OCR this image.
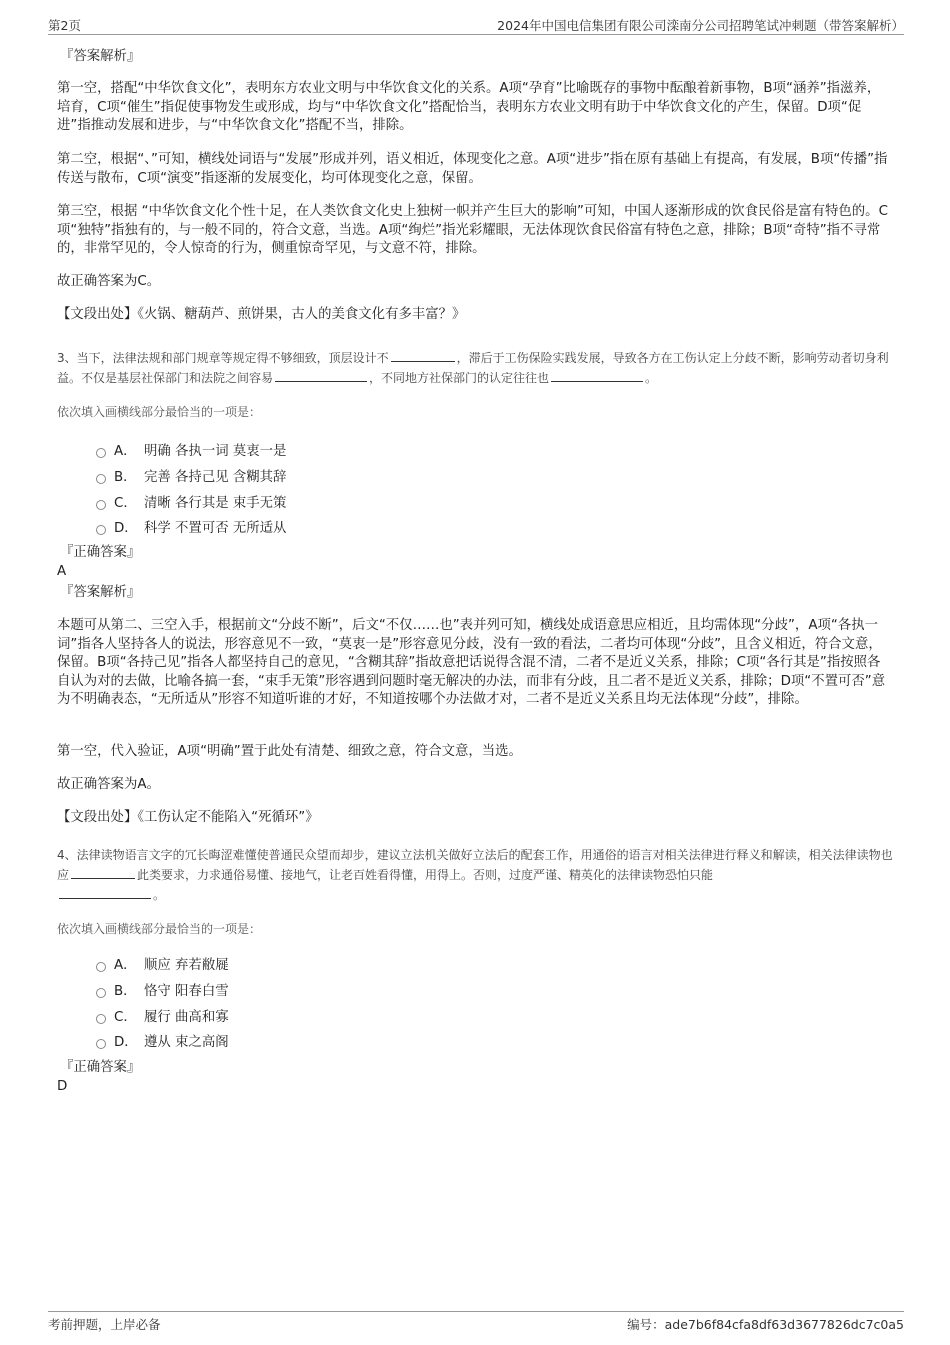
第2页	2024年中国电信集团有限公司滦南分公司招聘笔试冲刺题（带答案解析）
『答案解析』

第一空，搭配“中华饮食文化”，表明东方农业文明与中华饮食文化的关系。A项“孕育”比喻既存的事物中酝酿着新事物，B项“涵养”指滋养，培育，C项“催生”指促使事物发生或形成，均与“中华饮食文化”搭配恰当，表明东方农业文明有助于中华饮食文化的产生，保留。D项“促进”指推动发展和进步，与“中华饮食文化”搭配不当，排除。

第二空，根据“、”可知，横线处词语与“发展”形成并列，语义相近，体现变化之意。A项“进步”指在原有基础上有提高，有发展，B项“传播”指传送与散布，C项“演变”指逐渐的发展变化，均可体现变化之意，保留。

第三空，根据 “中华饮食文化个性十足，在人类饮食文化史上独树一帜并产生巨大的影响”可知，中国人逐渐形成的饮食民俗是富有特色的。C项“独特”指独有的，与一般不同的，符合文意，当选。A项“绚烂”指光彩耀眼，无法体现饮食民俗富有特色之意，排除；B项“奇特”指不寻常的，非常罕见的，令人惊奇的行为，侧重惊奇罕见，与文意不符，排除。

故正确答案为C。

【文段出处】《火锅、糖葫芦、煎饼果，古人的美食文化有多丰富？》

3、当下，法律法规和部门规章等规定得不够细致，顶层设计不	，滞后于工伤保险实践发展，导致各方在工伤认定上分歧不断，影响劳动者切身利益。不仅是基层社保部门和法院之间容易	，不同地方社保部门的认定往往也	。
依次填入画横线部分最恰当的一项是：
A． 明确 各执一词 莫衷一是
B． 完善 各持己见 含糊其辞
C． 清晰 各行其是 束手无策
D． 科学 不置可否 无所适从
『正确答案』
A
『答案解析』

本题可从第二、三空入手，根据前文“分歧不断”，后文“不仅……也”表并列可知，横线处成语意思应相近，且均需体现“分歧”，A项“各执一词”指各人坚持各人的说法，形容意见不一致，“莫衷一是”形容意见分歧，没有一致的看法，二者均可体现“分歧”，且含义相近，符合文意，保留。B项“各持己见”指各人都坚持自己的意见，“含糊其辞”指故意把话说得含混不清，二者不是近义关系，排除；C项“各行其是”指按照各自认为对的去做，比喻各搞一套，“束手无策”形容遇到问题时毫无解决的办法，而非有分歧，且二者不是近义关系，排除；D项“不置可否”意为不明确表态，“无所适从”形容不知道听谁的才好，不知道按哪个办法做才对，二者不是近义关系且均无法体现“分歧”，排除。

第一空，代入验证，A项“明确”置于此处有清楚、细致之意，符合文意，当选。

故正确答案为A。

【文段出处】《工伤认定不能陷入“死循环”》

4、法律读物语言文字的冗长晦涩难懂使普通民众望而却步，建议立法机关做好立法后的配套工作，用通俗的语言对相关法律进行释义和解读，相关法律读物也应	此类要求，力求通俗易懂、接地气，让老百姓看得懂，用得上。否则，过度严谨、精英化的法律读物恐怕只能
。
依次填入画横线部分最恰当的一项是：
A． 顺应 弃若敝屣
B． 恪守 阳春白雪
C． 履行 曲高和寡
D． 遵从 束之高阁
『正确答案』
D
考前押题，上岸必备	编号：ade7b6f84cfa8df63d3677826dc7c0a5
